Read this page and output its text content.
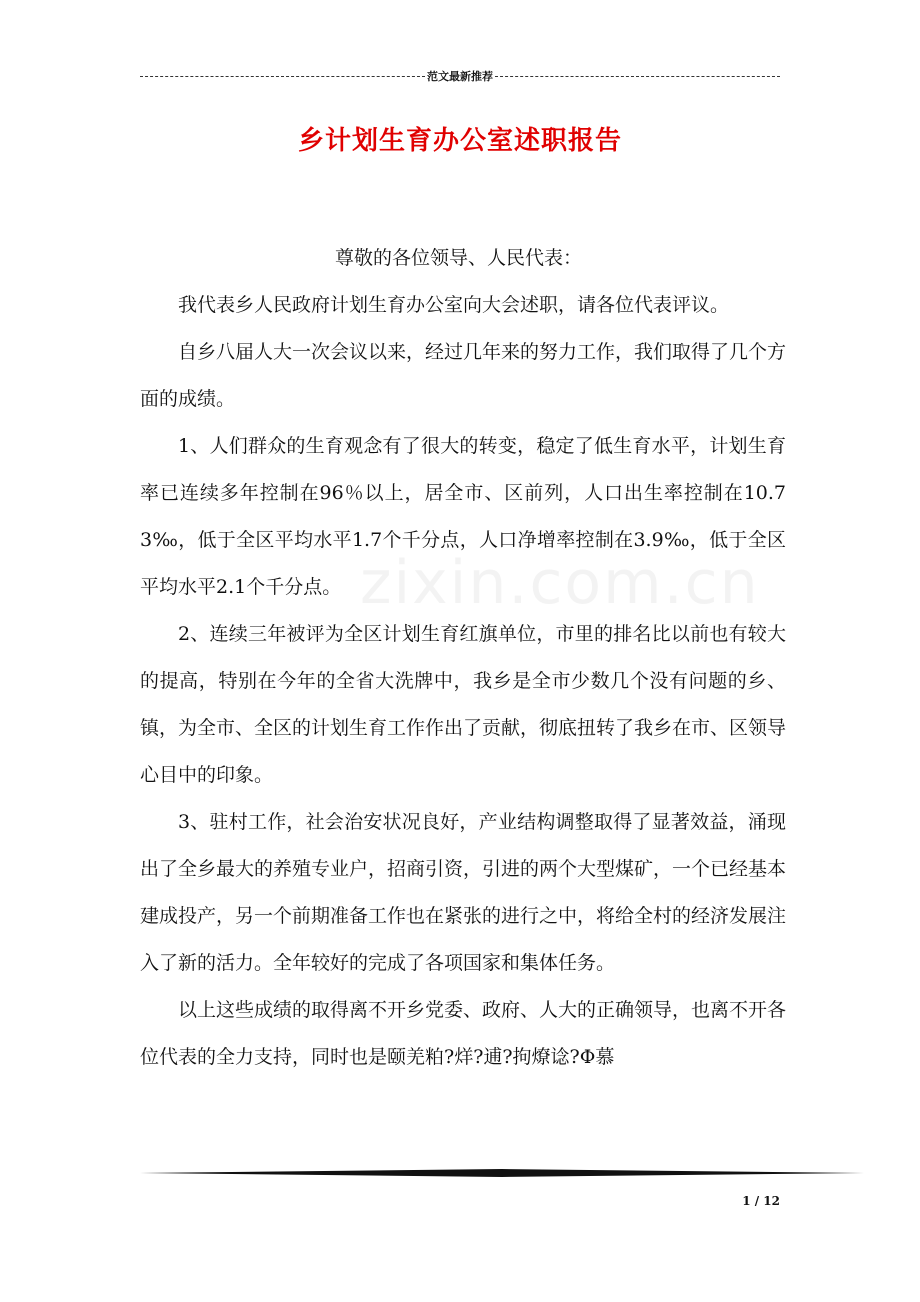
范文最新推荐
乡计划生育办公室述职报告
zixin.com.cn

尊敬的各位领导、人民代表：

我代表乡人民政府计划生育办公室向大会述职，请各位代表评议。

自乡八届人大一次会议以来，经过几年来的努力工作，我们取得了几个方面的成绩。

1、人们群众的生育观念有了很大的转变，稳定了低生育水平，计划生育率已连续多年控制在96％以上，居全市、区前列，人口出生率控制在10.73‰，低于全区平均水平1.7个千分点，人口净增率控制在3.9‰，低于全区平均水平2.1个千分点。

2、连续三年被评为全区计划生育红旗单位，市里的排名比以前也有较大的提高，特别在今年的全省大洗牌中，我乡是全市少数几个没有问题的乡、镇，为全市、全区的计划生育工作作出了贡献，彻底扭转了我乡在市、区领导心目中的印象。

3、驻村工作，社会治安状况良好，产业结构调整取得了显著效益，涌现出了全乡最大的养殖专业户，招商引资，引进的两个大型煤矿，一个已经基本建成投产，另一个前期准备工作也在紧张的进行之中，将给全村的经济发展注入了新的活力。全年较好的完成了各项国家和集体任务。

以上这些成绩的取得离不开乡党委、政府、人大的正确领导，也离不开各位代表的全力支持，同时也是颐羌粕?烊?逋?拘燎谂?Φ慕

1 / 12
